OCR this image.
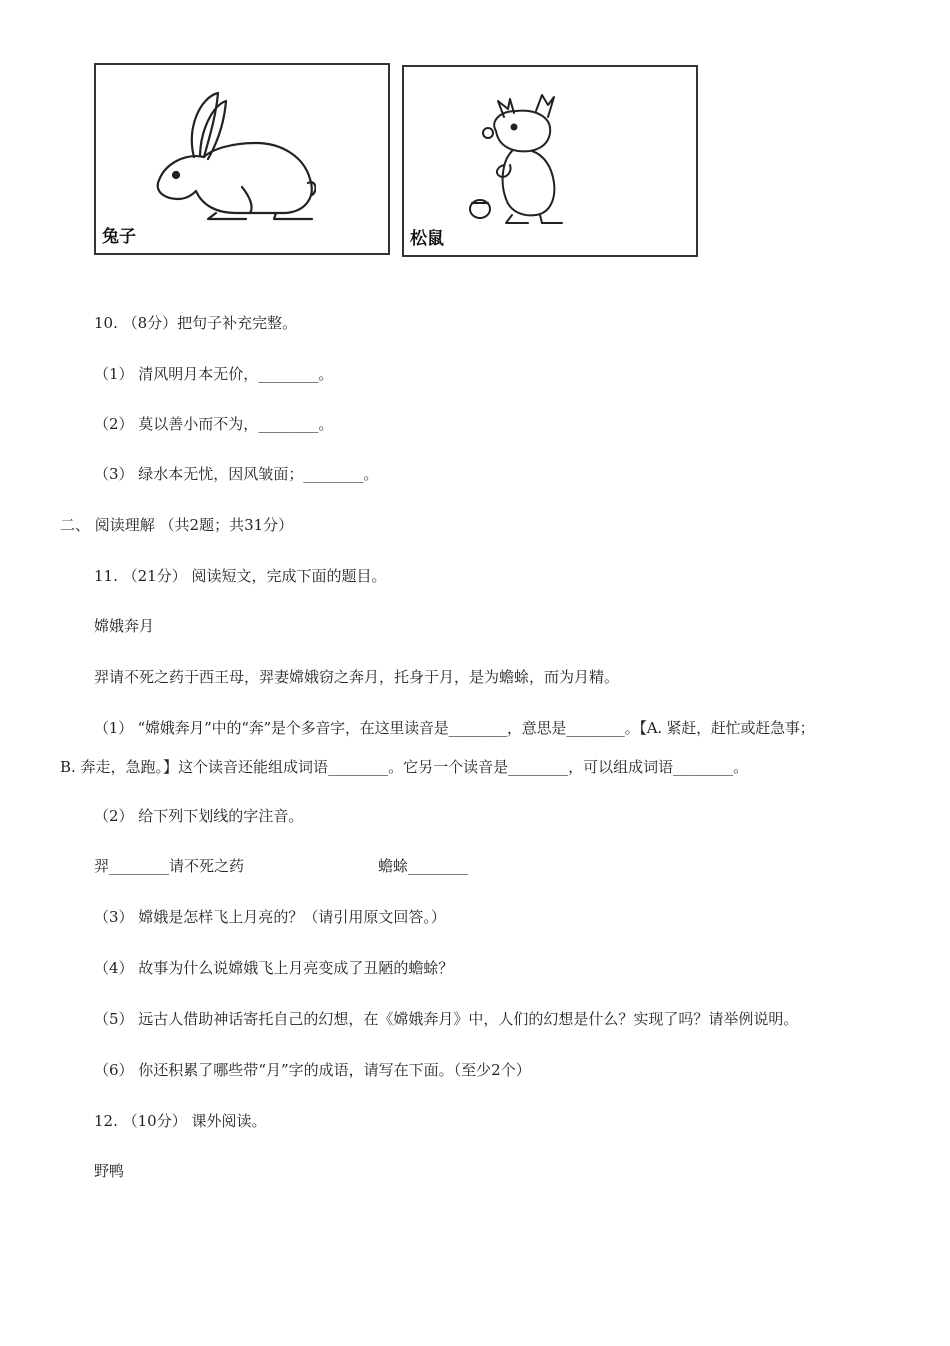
兔子	松鼠
10. （8分）把句子补充完整。
（1） 清风明月本无价，________。
（2） 莫以善小而不为，________。
（3） 绿水本无忧，因风皱面；________。
二、 阅读理解 （共2题；共31分）
11. （21分） 阅读短文，完成下面的题目。
嫦娥奔月
羿请不死之药于西王母，羿妻嫦娥窃之奔月，托身于月，是为蟾蜍，而为月精。
（1） “嫦娥奔月”中的“奔”是个多音字，在这里读音是________，意思是________。【A. 紧赶，赶忙或赶急事；
B. 奔走，急跑。】这个读音还能组成词语________。它另一个读音是________，可以组成词语________。
（2） 给下列下划线的字注音。
羿________请不死之药	蟾蜍________
（3） 嫦娥是怎样飞上月亮的？（请引用原文回答。）
（4） 故事为什么说嫦娥飞上月亮变成了丑陋的蟾蜍？
（5） 远古人借助神话寄托自己的幻想，在《嫦娥奔月》中，人们的幻想是什么？实现了吗？请举例说明。
（6） 你还积累了哪些带“月”字的成语，请写在下面。（至少2个）
12. （10分） 课外阅读。
野鸭
